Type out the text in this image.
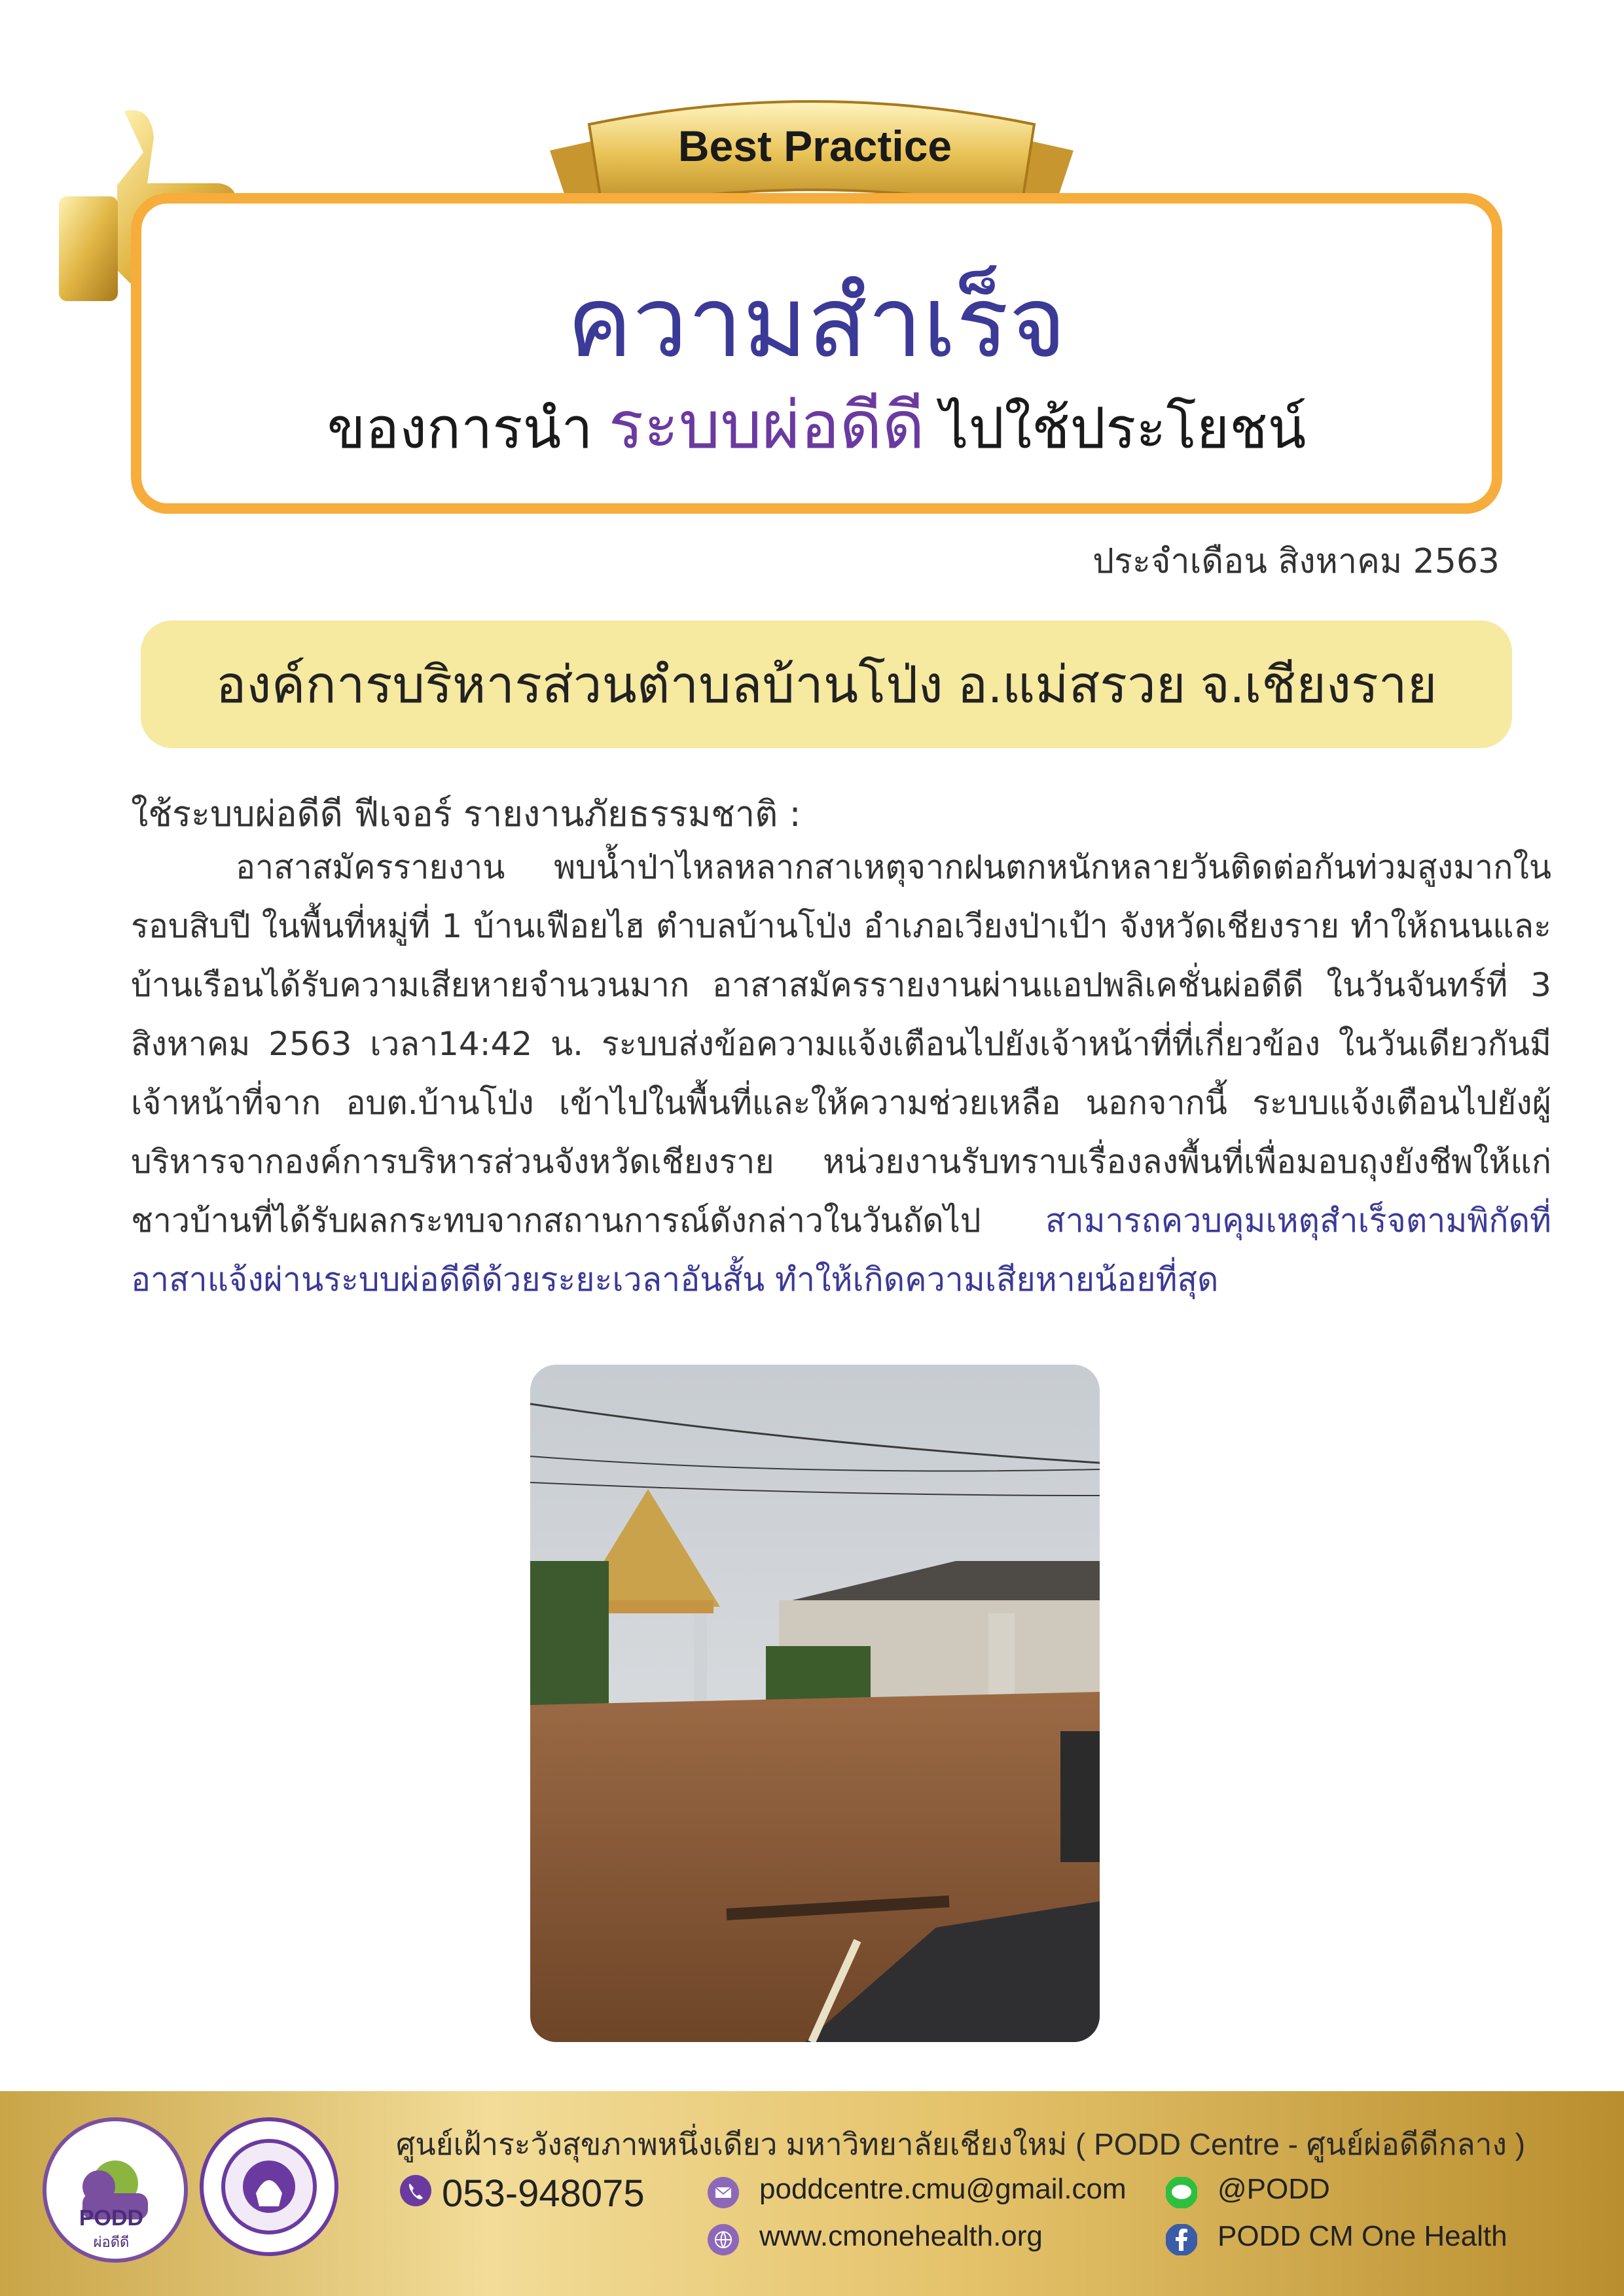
Best Practice
ความสำเร็จ
ของการนำ ระบบผ่อดีดี ไปใช้ประโยชน์
ประจำเดือน สิงหาคม 2563
องค์การบริหารส่วนตำบลบ้านโป่ง อ.แม่สรวย จ.เชียงราย
ใช้ระบบผ่อดีดี ฟีเจอร์ รายงานภัยธรรมชาติ :

อาสาสมัครรายงาน พบน้ำป่าไหลหลากสาเหตุจากฝนตกหนักหลายวันติดต่อกันท่วมสูงมากในรอบสิบปี ในพื้นที่หมู่ที่ 1 บ้านเฟือยไฮ ตำบลบ้านโป่ง อำเภอเวียงป่าเป้า จังหวัดเชียงราย ทำให้ถนนและบ้านเรือนได้รับความเสียหายจำนวนมาก อาสาสมัครรายงานผ่านแอปพลิเคชั่นผ่อดีดี ในวันจันทร์ที่ 3 สิงหาคม 2563 เวลา14:42 น. ระบบส่งข้อความแจ้งเตือนไปยังเจ้าหน้าที่ที่เกี่ยวข้อง ในวันเดียวกันมีเจ้าหน้าที่จาก อบต.บ้านโป่ง เข้าไปในพื้นที่และให้ความช่วยเหลือ นอกจากนี้ ระบบแจ้งเตือนไปยังผู้บริหารจากองค์การบริหารส่วนจังหวัดเชียงราย หน่วยงานรับทราบเรื่องลงพื้นที่เพื่อมอบถุงยังชีพให้แก่ชาวบ้านที่ได้รับผลกระทบจากสถานการณ์ดังกล่าวในวันถัดไป สามารถควบคุมเหตุสำเร็จตามพิกัดที่อาสาแจ้งผ่านระบบผ่อดีดีด้วยระยะเวลาอันสั้น ทำให้เกิดความเสียหายน้อยที่สุด

PODD
ผ่อดีดี
ศูนย์เฝ้าระวังสุขภาพหนึ่งเดียว มหาวิทยาลัยเชียงใหม่ ( PODD Centre - ศูนย์ผ่อดีดีกลาง )
053-948075	poddcentre.cmu@gmail.com
www.cmonehealth.org
@PODD
PODD CM One Health
